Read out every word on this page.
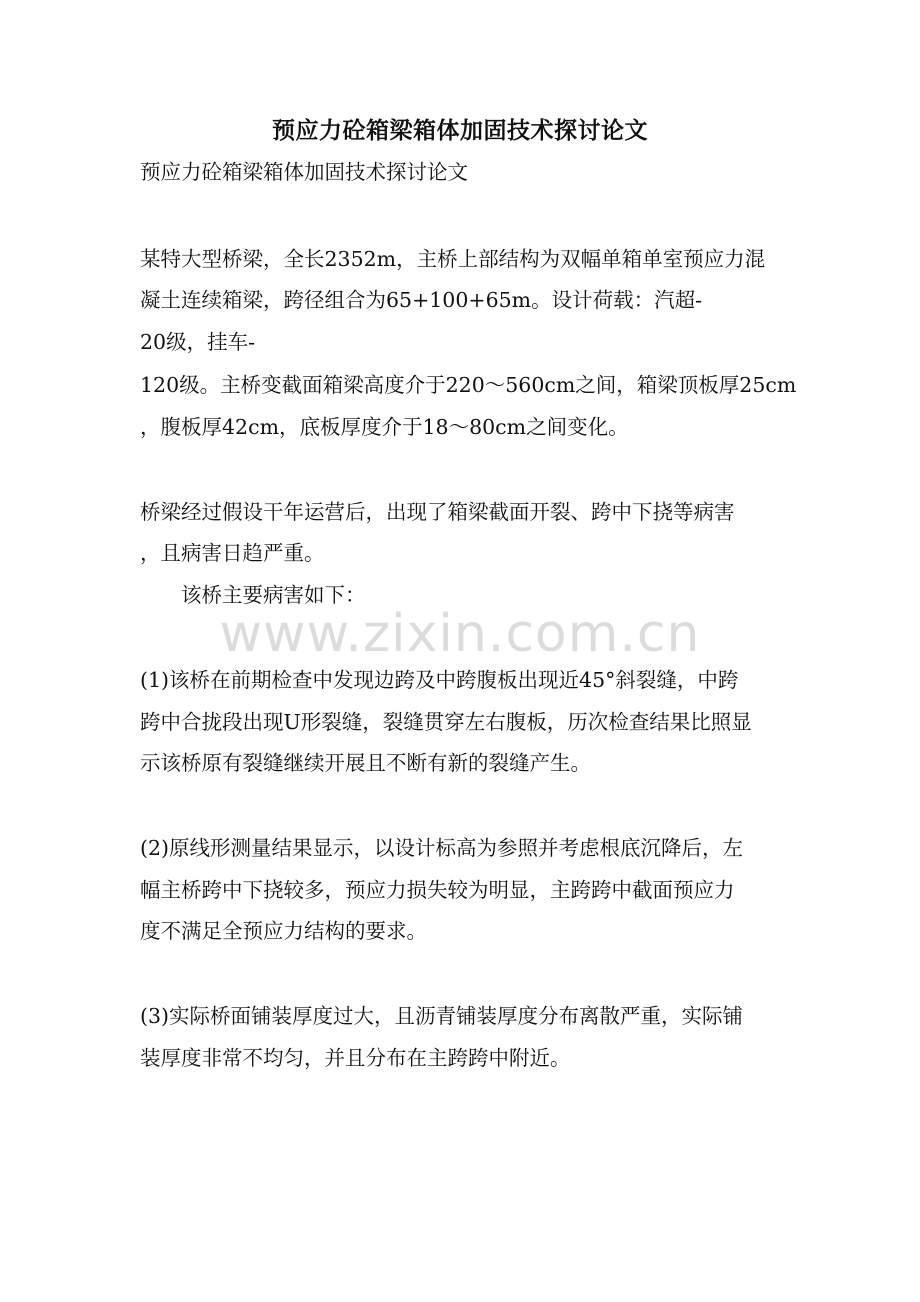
预应力砼箱梁箱体加固技术探讨论文
预应力砼箱梁箱体加固技术探讨论文
某特大型桥梁，全长2352m，主桥上部结构为双幅单箱单室预应力混
凝土连续箱梁，跨径组合为65+100+65m。设计荷载：汽超-
20级，挂车-
120级。主桥变截面箱梁高度介于220～560cm之间，箱梁顶板厚25cm
，腹板厚42cm，底板厚度介于18～80cm之间变化。
桥梁经过假设干年运营后，出现了箱梁截面开裂、跨中下挠等病害
，且病害日趋严重。
该桥主要病害如下：
www.zixin.com.cn
(1)该桥在前期检查中发现边跨及中跨腹板出现近45°斜裂缝，中跨
跨中合拢段出现U形裂缝，裂缝贯穿左右腹板，历次检查结果比照显
示该桥原有裂缝继续开展且不断有新的裂缝产生。
(2)原线形测量结果显示，以设计标高为参照并考虑根底沉降后，左
幅主桥跨中下挠较多，预应力损失较为明显，主跨跨中截面预应力
度不满足全预应力结构的要求。
(3)实际桥面铺装厚度过大，且沥青铺装厚度分布离散严重，实际铺
装厚度非常不均匀，并且分布在主跨跨中附近。
